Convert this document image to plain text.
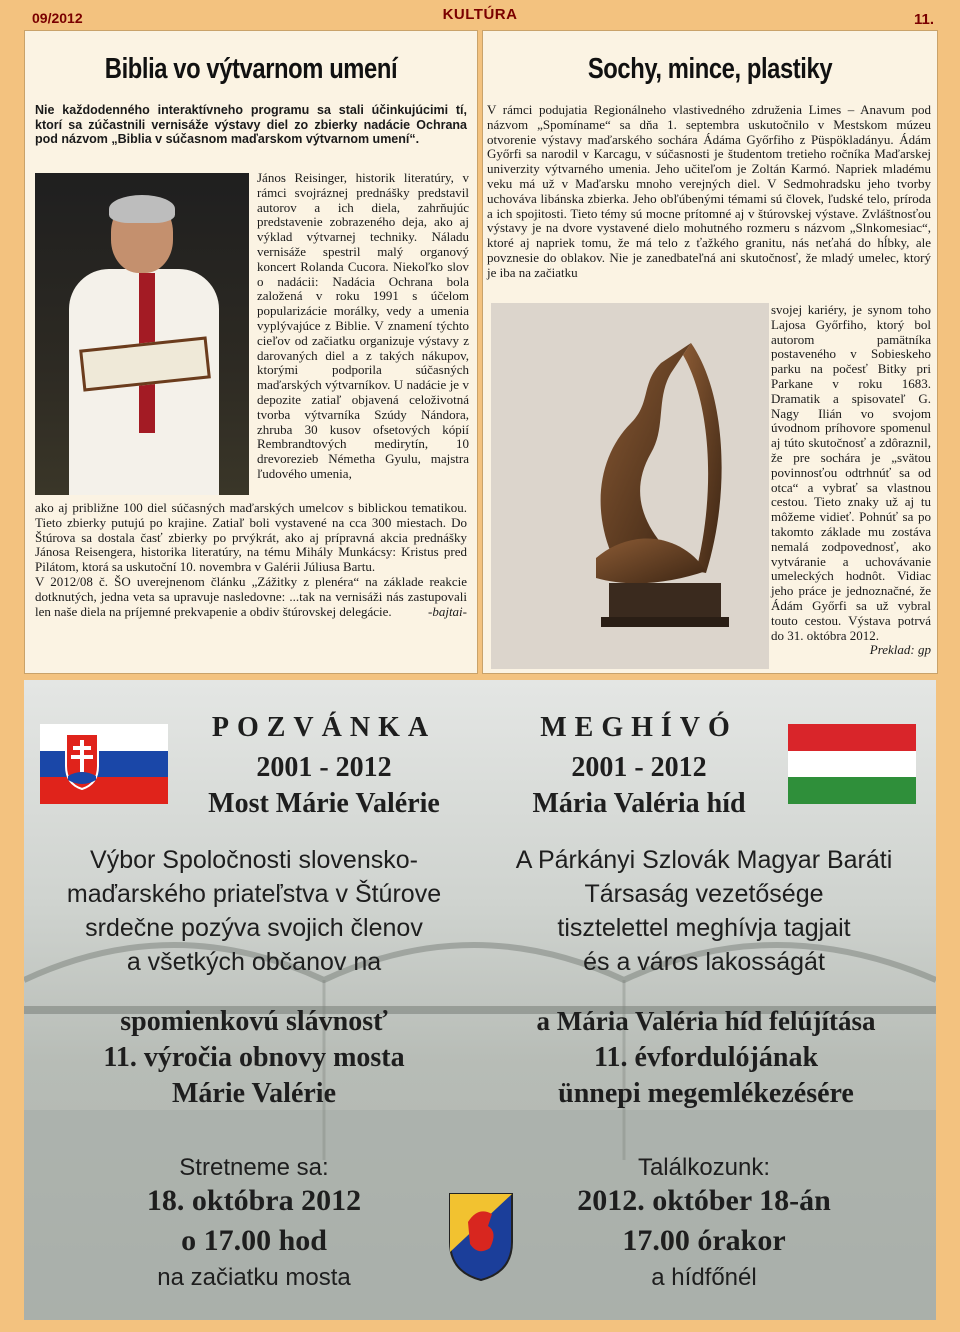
09/2012	KULTÚRA	11.
Biblia vo výtvarnom umení
Nie každodenného interaktívneho programu sa stali účinkujúcimi tí, ktorí sa zúčastnili vernisáže výstavy diel zo zbierky nadácie Ochrana pod názvom „Biblia v súčasnom maďarskom výtvarnom umení“.
János Reisinger, historik literatúry, v rámci svojráznej prednášky predstavil autorov a ich diela, zahrňujúc predstavenie zobrazeného deja, ako aj výklad výtvarnej techniky. Náladu vernisáže spestril malý organový koncert Rolanda Cucora. Niekoľko slov o nadácii: Nadácia Ochrana bola založená v roku 1991 s účelom popularizácie morálky, vedy a umenia vyplývajúce z Biblie. V znamení týchto cieľov od začiatku organizuje výstavy z darovaných diel a z takých nákupov, ktorými podporila súčasných maďarských výtvarníkov. U nadácie je v depozite zatiaľ objavená celoživotná tvorba výtvarníka Szúdy Nándora, zhruba 30 kusov ofsetových kópií Rembrandtových medirytín, 10 drevorezieb Németha Gyulu, majstra ľudového umenia,
ako aj približne 100 diel súčasných maďarských umelcov s biblickou tematikou. Tieto zbierky putujú po krajine. Zatiaľ boli vystavené na cca 300 miestach. Do Štúrova sa dostala časť zbierky po prvýkrát, ako aj prípravná akcia prednášky Jánosa Reisengera, historika literatúry, na tému Mihály Munkácsy: Kristus pred Pilátom, ktorá sa uskutoční 10. novembra v Galérii Júliusa Bartu.
V 2012/08 č. ŠO uverejnenom článku „Zážitky z plenéra“ na základe reakcie dotknutých, jedna veta sa upravuje nasledovne: ...tak na vernisáži nás zastupovali len naše diela na príjemné prekvapenie a obdiv štúrovskej delegácie.	-bajtai-
Sochy, mince, plastiky
V rámci podujatia Regionálneho vlastivedného združenia Limes – Anavum pod názvom „Spomíname“ sa dňa 1. septembra uskutočnilo v Mestskom múzeu otvorenie výstavy maďarského sochára Ádáma Győrfiho z Püspökladányu. Ádám Győrfi sa narodil v Karcagu, v súčasnosti je študentom tretieho ročníka Maďarskej univerzity výtvarného umenia. Jeho učiteľom je Zoltán Karmó. Napriek mladému veku má už v Maďarsku mnoho verejných diel. V Sedmohradsku jeho tvorby uchováva libánska zbierka. Jeho obľúbenými témami sú človek, ľudské telo, príroda a ich spojitosti. Tieto témy sú mocne prítomné aj v štúrovskej výstave. Zvláštnosťou výstavy je na dvore vystavené dielo mohutného rozmeru s názvom „Slnkomesiac“, ktoré aj napriek tomu, že má telo z ťažkého granitu, nás neťahá do hĺbky, ale povznesie do oblakov. Nie je zanedbateľná ani skutočnosť, že mladý umelec, ktorý je iba na začiatku
svojej kariéry, je synom toho Lajosa Győrfiho, ktorý bol autorom pamätníka postaveného v Sobieskeho parku na počesť Bitky pri Parkane v roku 1683. Dramatik a spisovateľ G. Nagy Ilián vo svojom úvodnom príhovore spomenul aj túto skutočnosť a zdôraznil, že pre sochára je „svätou povinnosťou odtrhnúť sa od otca“ a vybrať sa vlastnou cestou. Tieto znaky už aj tu môžeme vidieť. Pohnúť sa po takomto základe mu zostáva nemalá zodpovednosť, ako vytváranie a uchovávanie umeleckých hodnôt. Vidiac jeho práce je jednoznačné, že Ádám Győrfi sa už vybral touto cestou. Výstava potrvá do 31. októbra 2012.
Preklad: gp
POZVÁNKA
2001 - 2012
Most Márie Valérie
Výbor Spoločnosti slovensko-
maďarského priateľstva v Štúrove
srdečne pozýva svojich členov
a všetkých občanov na
spomienkovú slávnosť
11. výročia obnovy mosta
Márie Valérie
Stretneme sa:
18. októbra 2012
o 17.00 hod
na začiatku mosta
MEGHÍVÓ
2001 - 2012
Mária Valéria híd
A Párkányi Szlovák Magyar Baráti
Társaság vezetősége
tisztelettel meghívja tagjait
és a város lakosságát
a Mária Valéria híd felújítása
11. évfordulójának
ünnepi megemlékezésére
Találkozunk:
2012. október 18-án
17.00 órakor
a hídfőnél
